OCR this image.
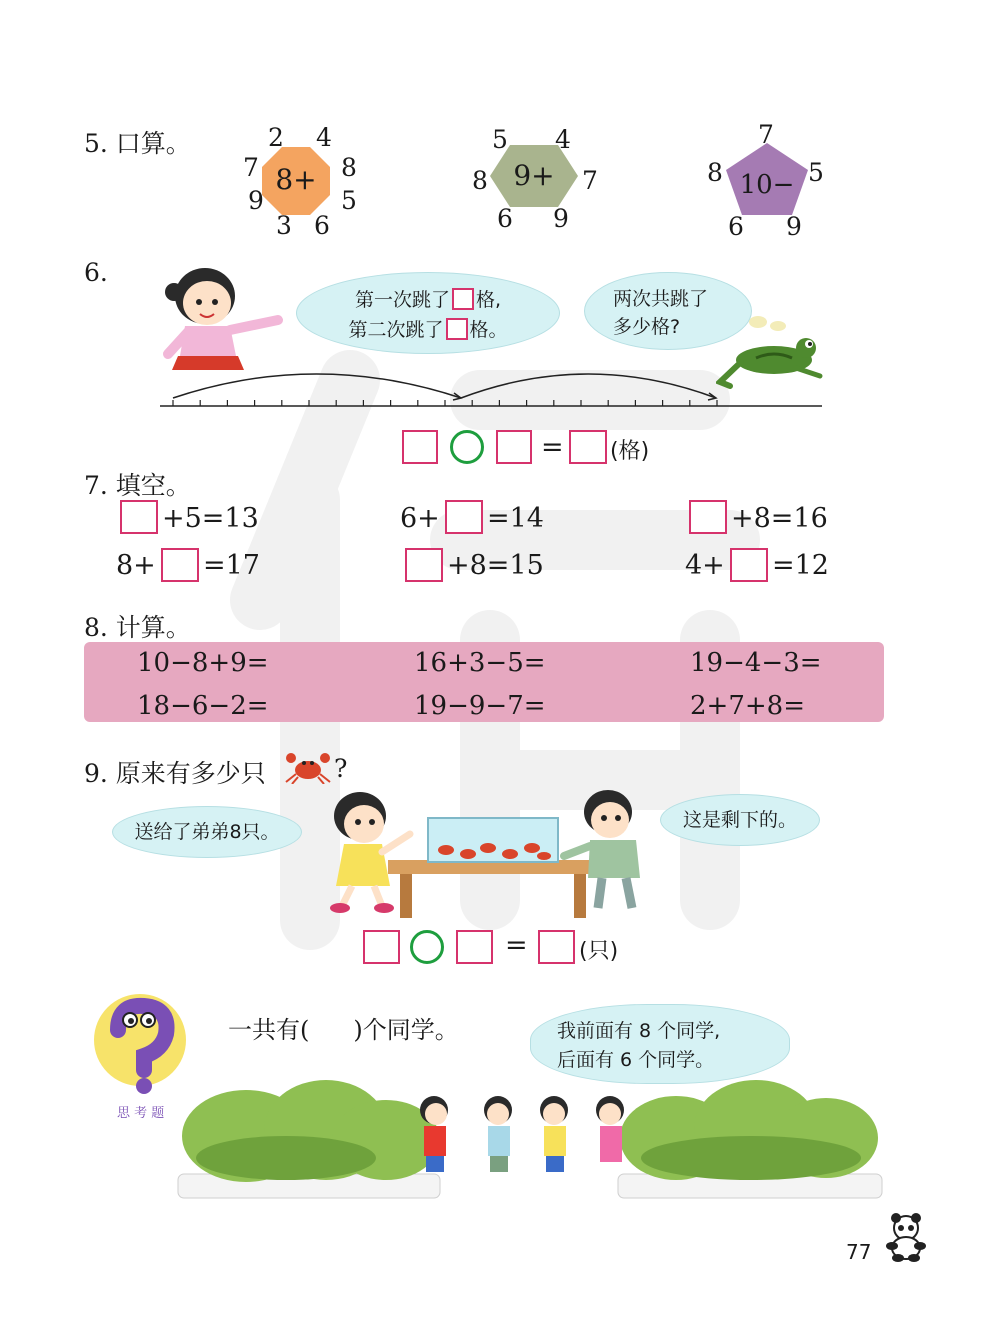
5. 口算。
8+
2 4
7	8
9	5
3 6
9+
5 4
8	7
6 9
10−
7
8	5
6 9
6.
第一次跳了 格,
第二次跳了 格。
两次共跳了
多少格?
= (格)
7. 填空。
+5=13	6+ =14	+8=16
8+ =17	+8=15	4+ =12
8. 计算。
10−8+9=	16+3−5=	19−4−3=
18−6−2=	19−9−7=	2+7+8=
9. 原来有多少只	?
送给了弟弟8只。
这是剩下的。
= (只)
思 考 题
一共有( )个同学。	我前面有 8 个同学,
后面有 6 个同学。
77
